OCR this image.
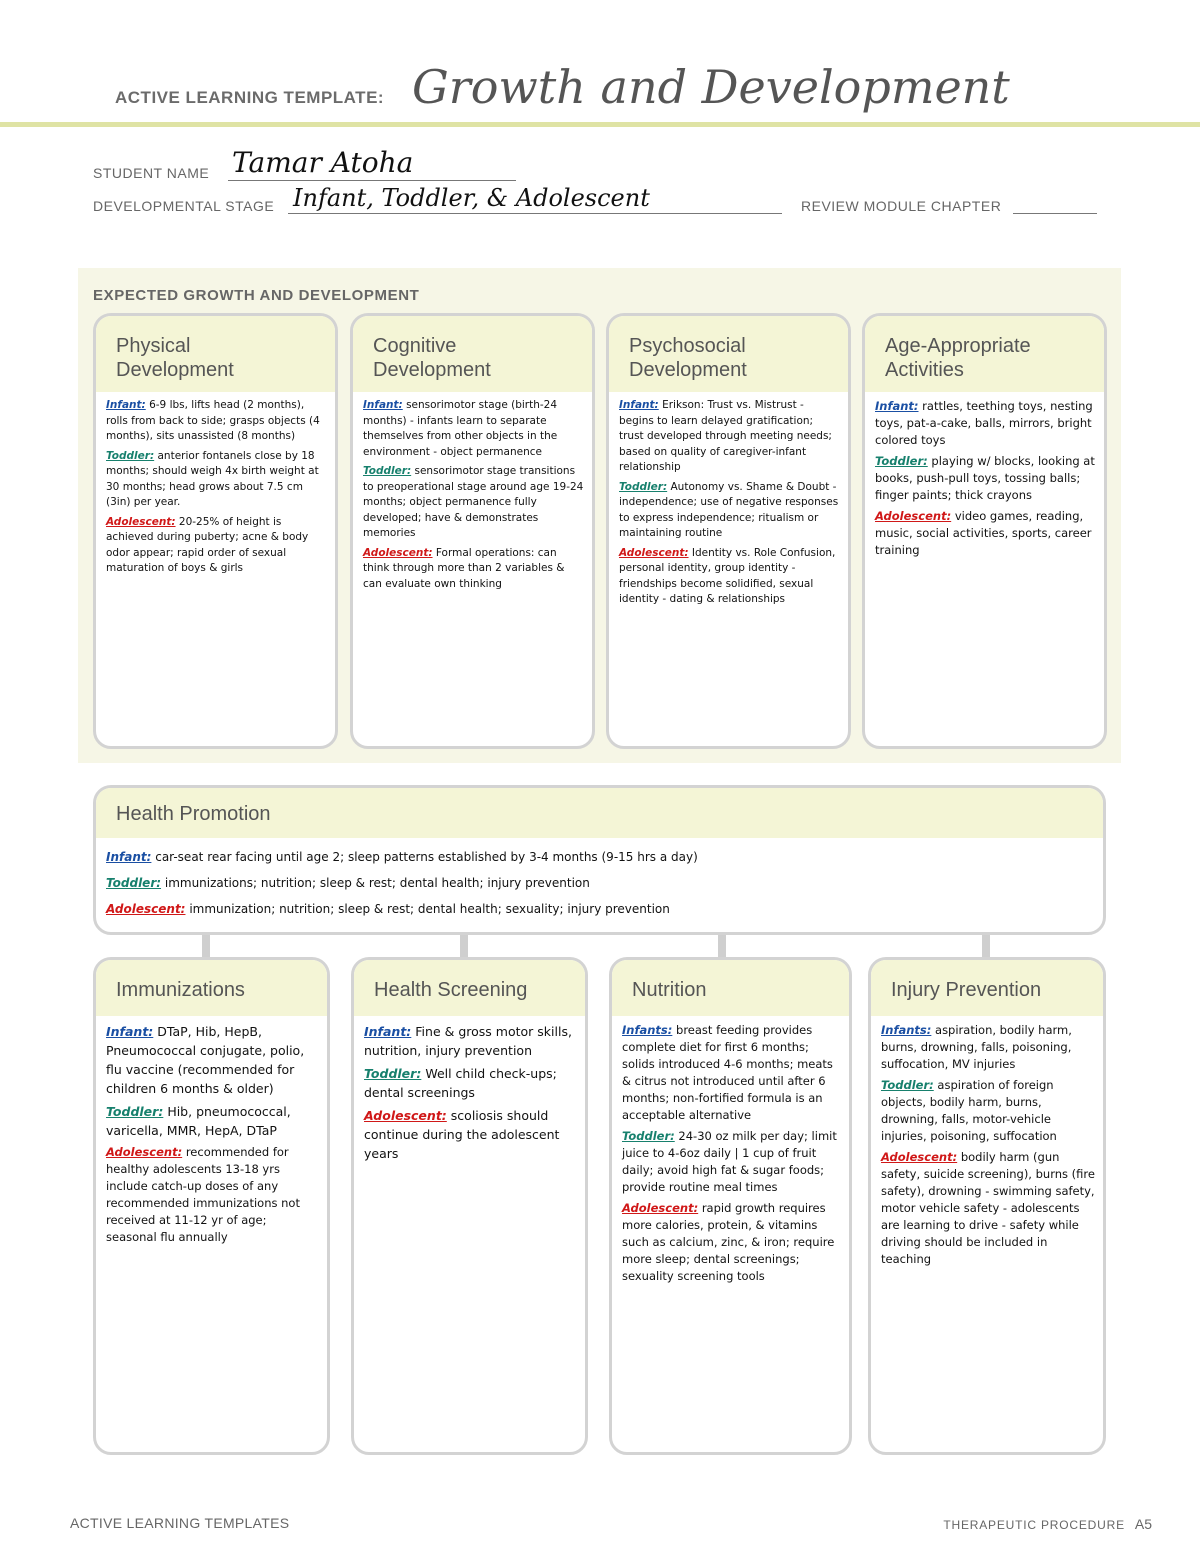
ACTIVE LEARNING TEMPLATE: Growth and Development
STUDENT NAME Tamar Atoha
DEVELOPMENTAL STAGE Infant, Toddler, & Adolescent	REVIEW MODULE CHAPTER
EXPECTED GROWTH AND DEVELOPMENT
Physical
Development
Infant: 6-9 lbs, lifts head (2 months), rolls from back to side; grasps objects (4 months), sits unassisted (8 months)
Toddler: anterior fontanels close by 18 months; should weigh 4x birth weight at 30 months; head grows about 7.5 cm (3in) per year.
Adolescent: 20-25% of height is achieved during puberty; acne & body odor appear; rapid order of sexual maturation of boys & girls
Cognitive
Development
Infant: sensorimotor stage (birth-24 months) - infants learn to separate themselves from other objects in the environment - object permanence
Toddler: sensorimotor stage transitions to preoperational stage around age 19-24 months; object permanence fully developed; have & demonstrates memories
Adolescent: Formal operations: can think through more than 2 variables & can evaluate own thinking
Psychosocial
Development
Infant: Erikson: Trust vs. Mistrust - begins to learn delayed gratification; trust developed through meeting needs; based on quality of caregiver-infant relationship
Toddler: Autonomy vs. Shame & Doubt - independence; use of negative responses to express independence; ritualism or maintaining routine
Adolescent: Identity vs. Role Confusion, personal identity, group identity - friendships become solidified, sexual identity - dating & relationships
Age-Appropriate
Activities
Infant: rattles, teething toys, nesting toys, pat-a-cake, balls, mirrors, bright colored toys
Toddler: playing w/ blocks, looking at books, push-pull toys, tossing balls; finger paints; thick crayons
Adolescent: video games, reading, music, social activities, sports, career training
Health Promotion
Infant: car-seat rear facing until age 2; sleep patterns established by 3-4 months (9-15 hrs a day)
Toddler: immunizations; nutrition; sleep & rest; dental health; injury prevention
Adolescent: immunization; nutrition; sleep & rest; dental health; sexuality; injury prevention
Immunizations
Infant: DTaP, Hib, HepB, Pneumococcal conjugate, polio, flu vaccine (recommended for children 6 months & older)
Toddler: Hib, pneumococcal, varicella, MMR, HepA, DTaP
Adolescent: recommended for healthy adolescents 13-18 yrs include catch-up doses of any recommended immunizations not received at 11-12 yr of age; seasonal flu annually
Health Screening
Infant: Fine & gross motor skills, nutrition, injury prevention
Toddler: Well child check-ups; dental screenings
Adolescent: scoliosis should continue during the adolescent years
Nutrition
Infants: breast feeding provides complete diet for first 6 months; solids introduced 4-6 months; meats & citrus not introduced until after 6 months; non-fortified formula is an acceptable alternative
Toddler: 24-30 oz milk per day; limit juice to 4-6oz daily | 1 cup of fruit daily; avoid high fat & sugar foods; provide routine meal times
Adolescent: rapid growth requires more calories, protein, & vitamins such as calcium, zinc, & iron; require more sleep; dental screenings; sexuality screening tools
Injury Prevention
Infants: aspiration, bodily harm, burns, drowning, falls, poisoning, suffocation, MV injuries
Toddler: aspiration of foreign objects, bodily harm, burns, drowning, falls, motor-vehicle injuries, poisoning, suffocation
Adolescent: bodily harm (gun safety, suicide screening), burns (fire safety), drowning - swimming safety, motor vehicle safety - adolescents are learning to drive - safety while driving should be included in teaching
ACTIVE LEARNING TEMPLATES	THERAPEUTIC PROCEDURE A5
